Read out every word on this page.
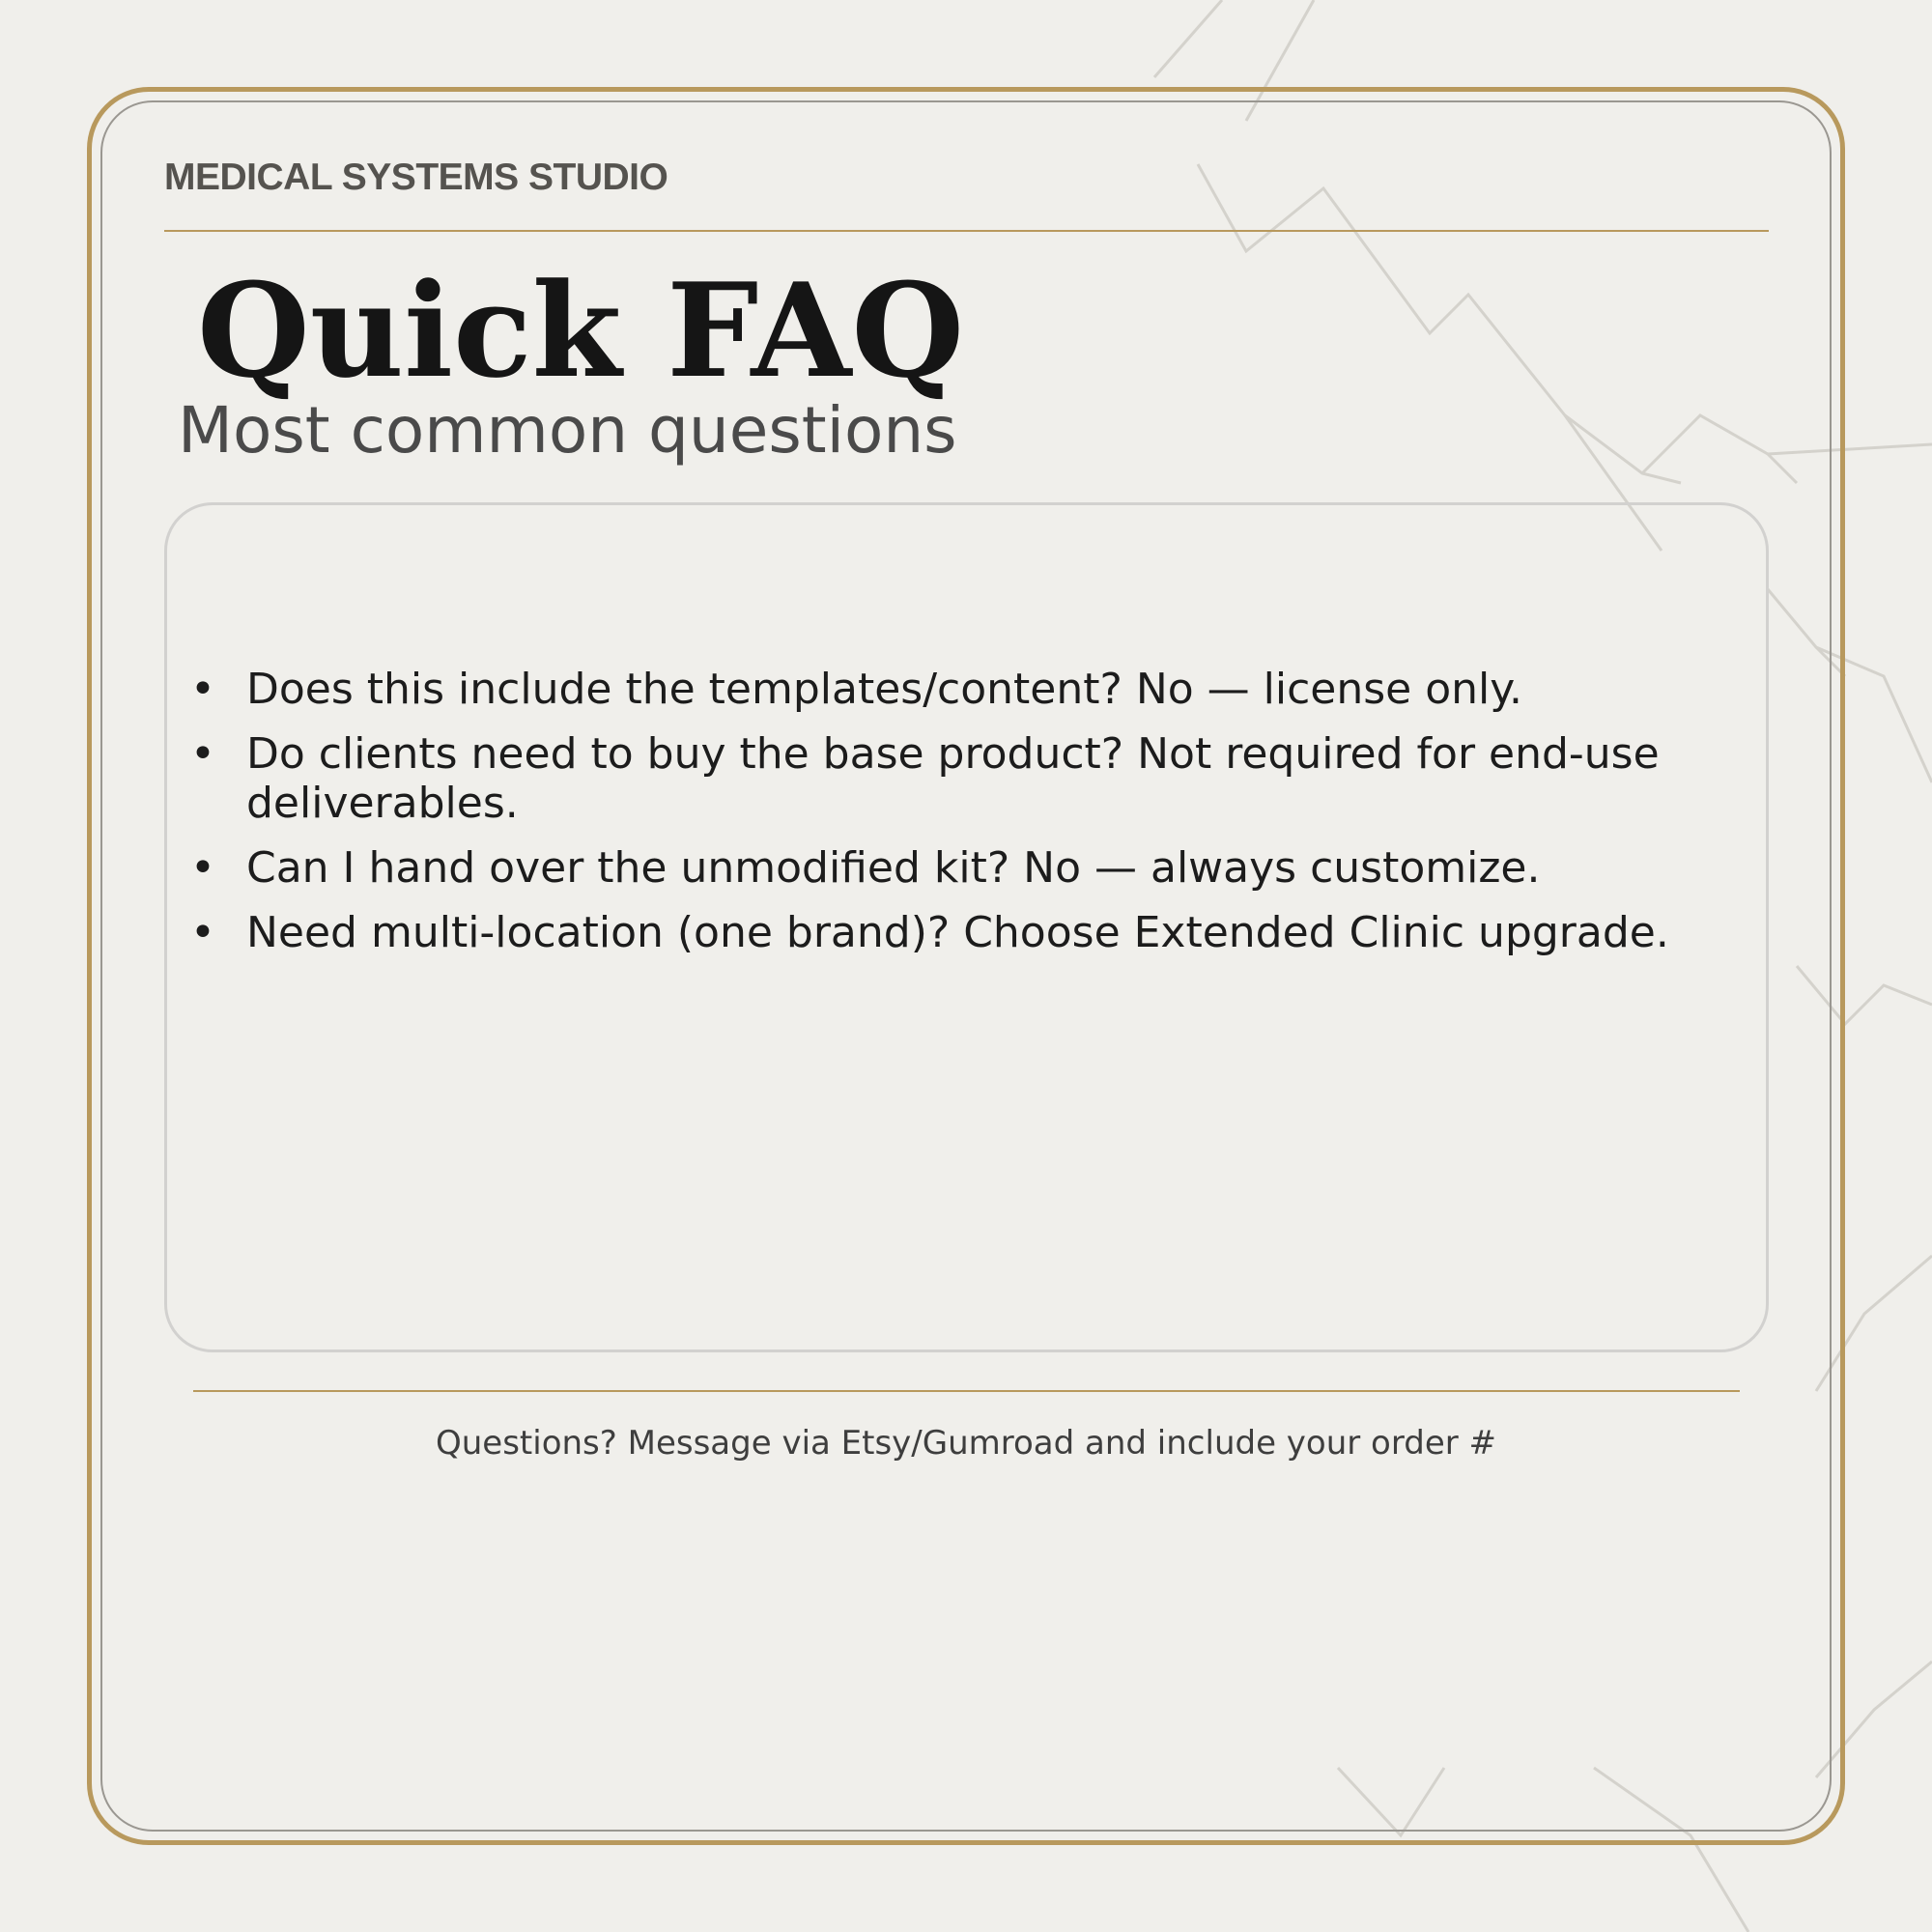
MEDICAL SYSTEMS STUDIO
Quick FAQ
Most common questions
• Does this include the templates/content? No — license only.
• Do clients need to buy the base product? Not required for end-use deliverables.
• Can I hand over the unmodified kit? No — always customize.
• Need multi-location (one brand)? Choose Extended Clinic upgrade.
Questions? Message via Etsy/Gumroad and include your order #
